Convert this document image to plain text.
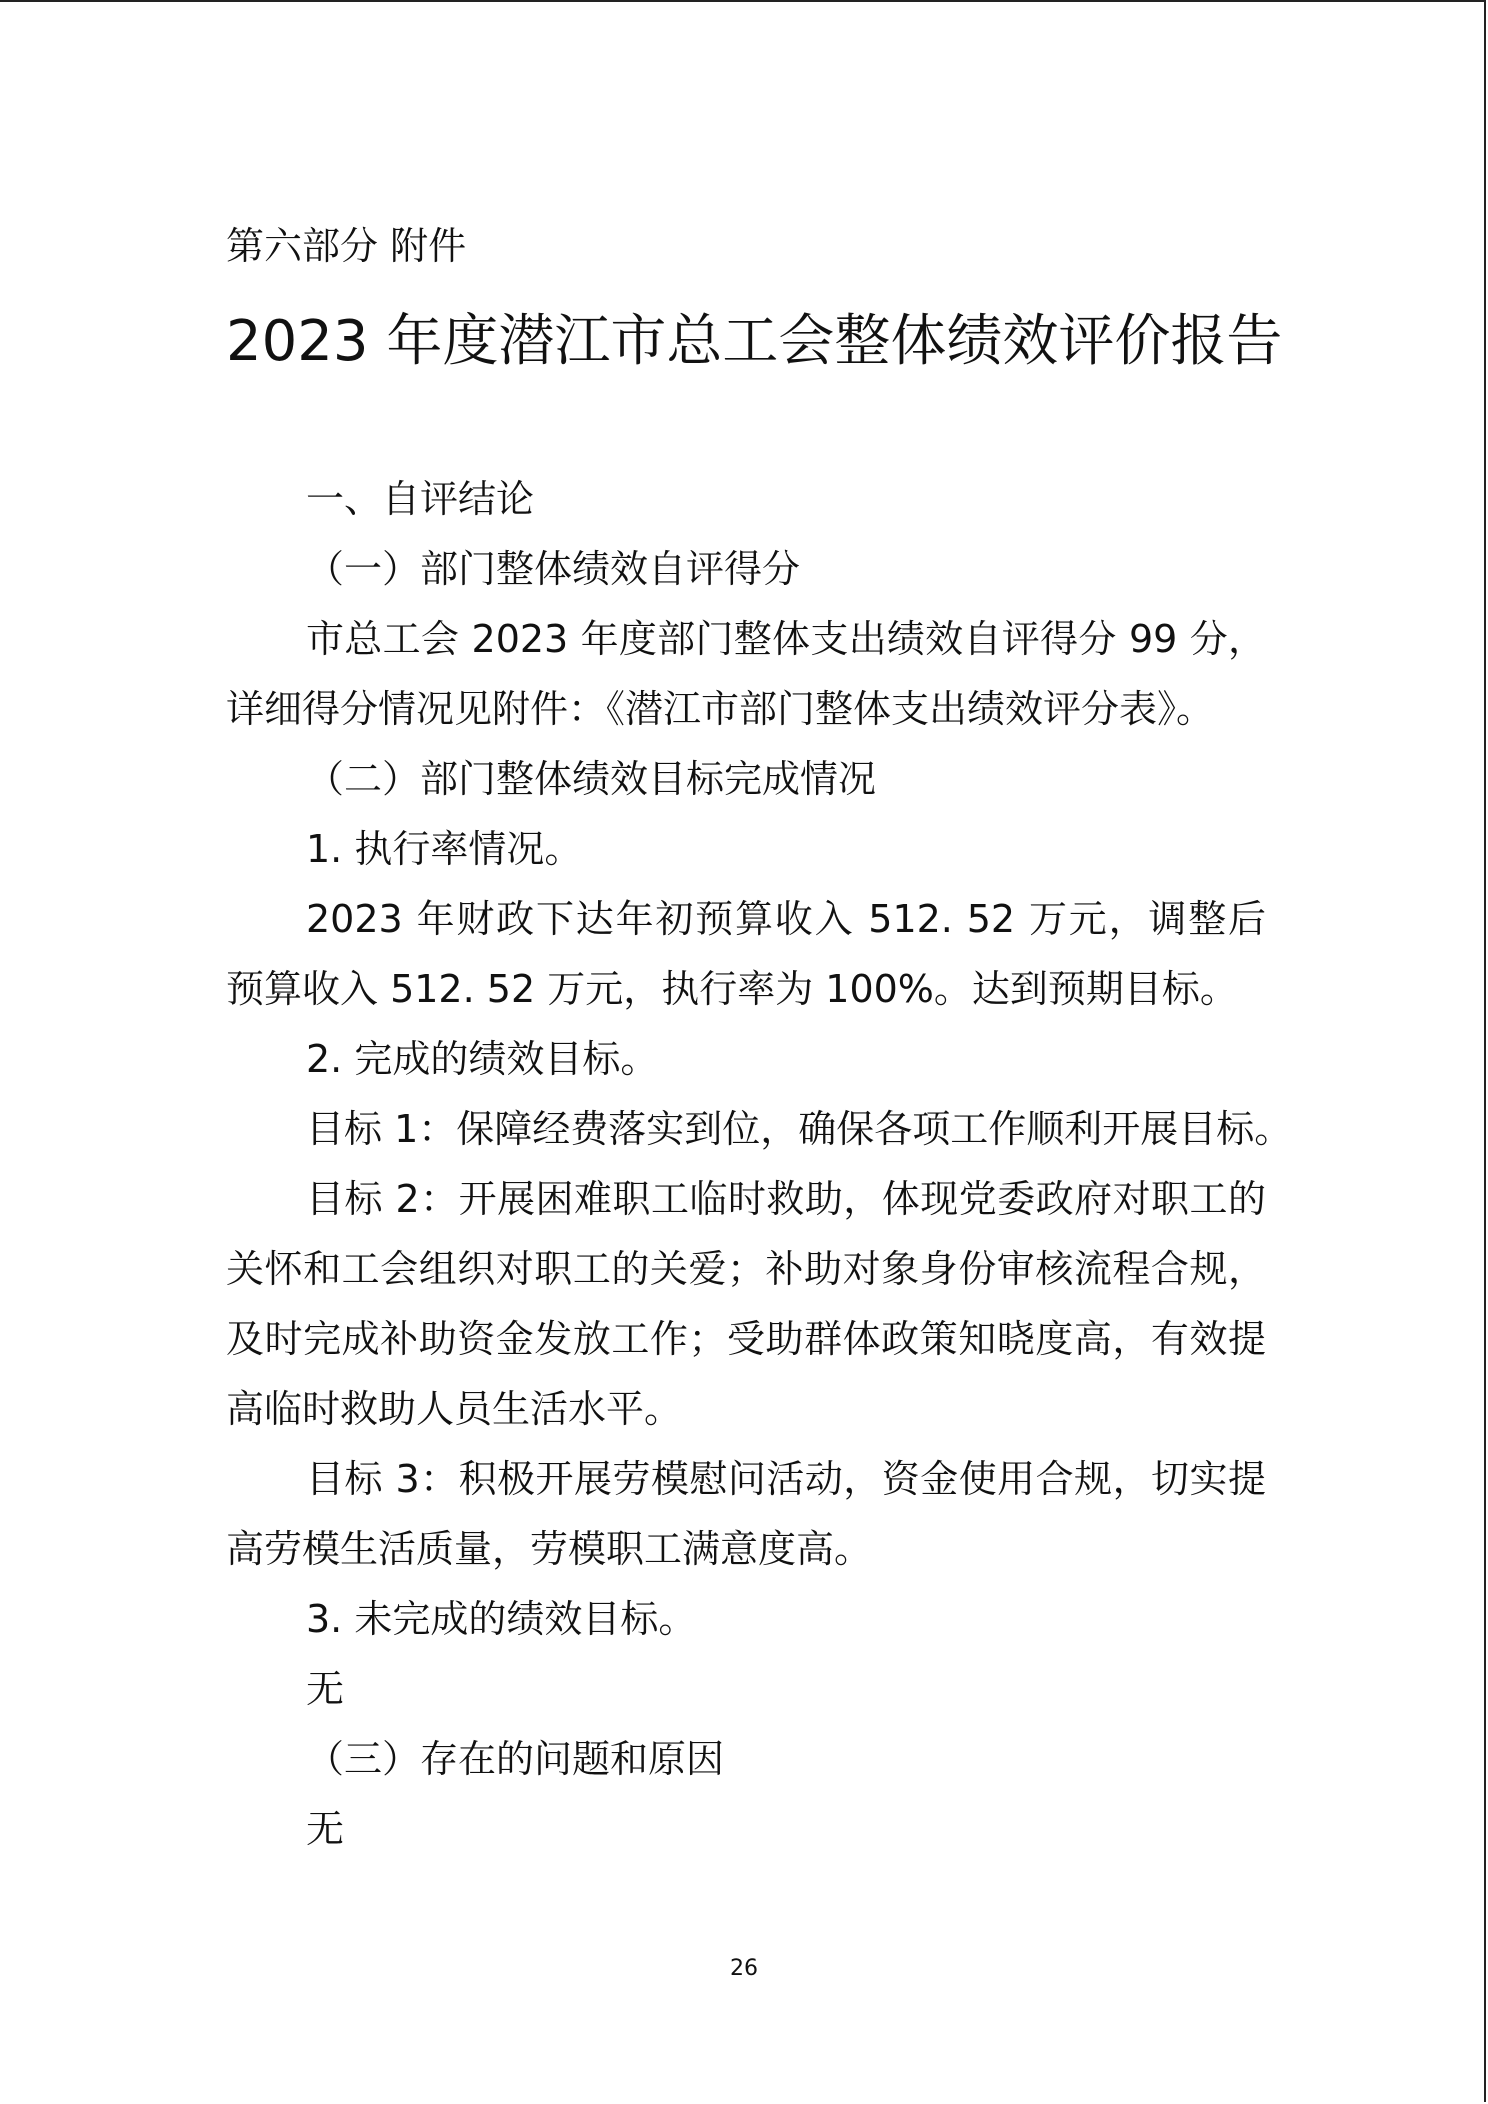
第六部分 附件
2023 年度潜江市总工会整体绩效评价报告

一、自评结论

（一）部门整体绩效自评得分

市总工会 2023 年度部门整体支出绩效自评得分 99 分，详细得分情况见附件：《潜江市部门整体支出绩效评分表》。

（二）部门整体绩效目标完成情况

1. 执行率情况。

2023 年财政下达年初预算收入 512. 52 万元，调整后预算收入 512. 52 万元，执行率为 100%。达到预期目标。

2. 完成的绩效目标。

目标 1：保障经费落实到位，确保各项工作顺利开展目标。

目标 2：开展困难职工临时救助，体现党委政府对职工的关怀和工会组织对职工的关爱；补助对象身份审核流程合规，及时完成补助资金发放工作；受助群体政策知晓度高，有效提高临时救助人员生活水平。

目标 3：积极开展劳模慰问活动，资金使用合规，切实提高劳模生活质量，劳模职工满意度高。

3. 未完成的绩效目标。

无

（三）存在的问题和原因

无

26
